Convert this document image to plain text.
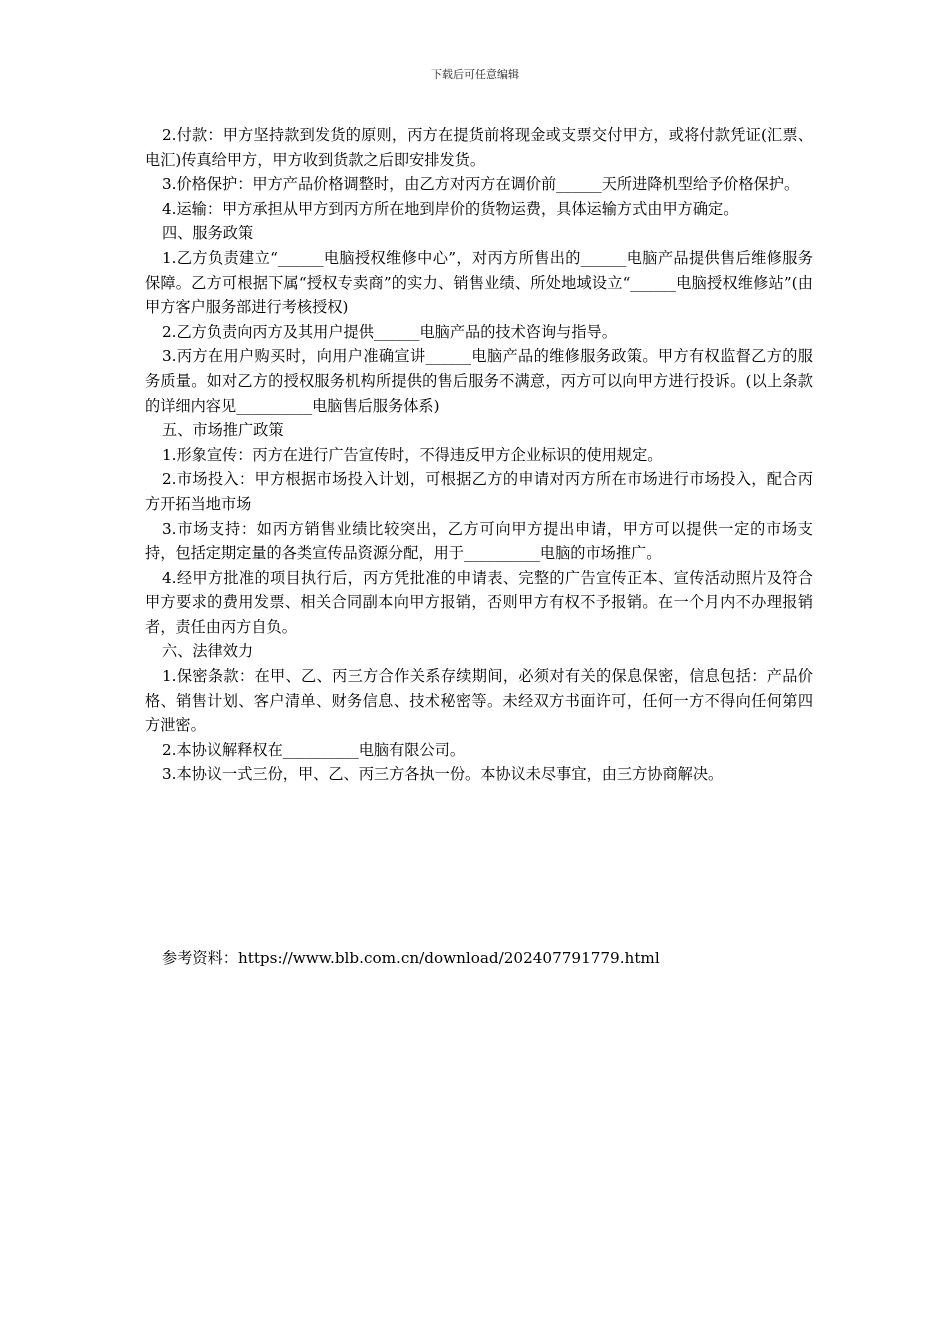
下载后可任意编辑

2.付款：甲方坚持款到发货的原则，丙方在提货前将现金或支票交付甲方，或将付款凭证(汇票、电汇)传真给甲方，甲方收到货款之后即安排发货。

3.价格保护：甲方产品价格调整时，由乙方对丙方在调价前______天所进降机型给予价格保护。

4.运输：甲方承担从甲方到丙方所在地到岸价的货物运费，具体运输方式由甲方确定。

四、服务政策

1.乙方负责建立“______电脑授权维修中心”，对丙方所售出的______电脑产品提供售后维修服务保障。乙方可根据下属“授权专卖商”的实力、销售业绩、所处地域设立“______电脑授权维修站”(由甲方客户服务部进行考核授权)

2.乙方负责向丙方及其用户提供______电脑产品的技术咨询与指导。

3.丙方在用户购买时，向用户准确宣讲______电脑产品的维修服务政策。甲方有权监督乙方的服务质量。如对乙方的授权服务机构所提供的售后服务不满意，丙方可以向甲方进行投诉。(以上条款的详细内容见__________电脑售后服务体系)

五、市场推广政策

1.形象宣传：丙方在进行广告宣传时，不得违反甲方企业标识的使用规定。

2.市场投入：甲方根据市场投入计划，可根据乙方的申请对丙方所在市场进行市场投入，配合丙方开拓当地市场

3.市场支持：如丙方销售业绩比较突出，乙方可向甲方提出申请，甲方可以提供一定的市场支持，包括定期定量的各类宣传品资源分配，用于__________电脑的市场推广。

4.经甲方批准的项目执行后，丙方凭批准的申请表、完整的广告宣传正本、宣传活动照片及符合甲方要求的费用发票、相关合同副本向甲方报销，否则甲方有权不予报销。在一个月内不办理报销者，责任由丙方自负。

六、法律效力

1.保密条款：在甲、乙、丙三方合作关系存续期间，必须对有关的保息保密，信息包括：产品价格、销售计划、客户清单、财务信息、技术秘密等。未经双方书面许可，任何一方不得向任何第四方泄密。

2.本协议解释权在__________电脑有限公司。

3.本协议一式三份，甲、乙、丙三方各执一份。本协议未尽事宜，由三方协商解决。

参考资料：https://www.blb.com.cn/download/202407791779.html
